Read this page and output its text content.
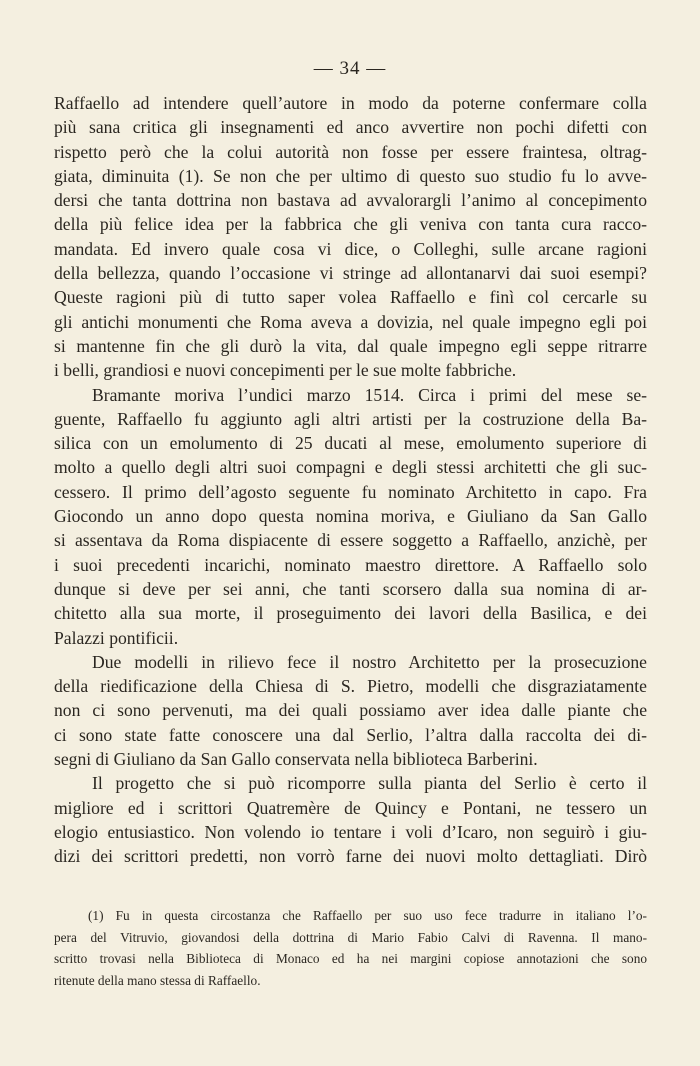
— 34 —
Raffaello ad intendere quell’autore in modo da poterne confermare colla
più sana critica gli insegnamenti ed anco avvertire non pochi difetti con
rispetto però che la colui autorità non fosse per essere fraintesa, oltrag-
giata, diminuita (1). Se non che per ultimo di questo suo studio fu lo avve-
dersi che tanta dottrina non bastava ad avvalorargli l’animo al concepimento
della più felice idea per la fabbrica che gli veniva con tanta cura racco-
mandata. Ed invero quale cosa vi dice, o Colleghi, sulle arcane ragioni
della bellezza, quando l’occasione vi stringe ad allontanarvi dai suoi esempi?
Queste ragioni più di tutto saper volea Raffaello e finì col cercarle su
gli antichi monumenti che Roma aveva a dovizia, nel quale impegno egli poi
si mantenne fin che gli durò la vita, dal quale impegno egli seppe ritrarre
i belli, grandiosi e nuovi concepimenti per le sue molte fabbriche.
Bramante moriva l’undici marzo 1514. Circa i primi del mese se-
guente, Raffaello fu aggiunto agli altri artisti per la costruzione della Ba-
silica con un emolumento di 25 ducati al mese, emolumento superiore di
molto a quello degli altri suoi compagni e degli stessi architetti che gli suc-
cessero. Il primo dell’agosto seguente fu nominato Architetto in capo. Fra
Giocondo un anno dopo questa nomina moriva, e Giuliano da San Gallo
si assentava da Roma dispiacente di essere soggetto a Raffaello, anzichè, per
i suoi precedenti incarichi, nominato maestro direttore. A Raffaello solo
dunque si deve per sei anni, che tanti scorsero dalla sua nomina di ar-
chitetto alla sua morte, il proseguimento dei lavori della Basilica, e dei
Palazzi pontificii.
Due modelli in rilievo fece il nostro Architetto per la prosecuzione
della riedificazione della Chiesa di S. Pietro, modelli che disgraziatamente
non ci sono pervenuti, ma dei quali possiamo aver idea dalle piante che
ci sono state fatte conoscere una dal Serlio, l’altra dalla raccolta dei di-
segni di Giuliano da San Gallo conservata nella biblioteca Barberini.
Il progetto che si può ricomporre sulla pianta del Serlio è certo il
migliore ed i scrittori Quatremère de Quincy e Pontani, ne tessero un
elogio entusiastico. Non volendo io tentare i voli d’Icaro, non seguirò i giu-
dizi dei scrittori predetti, non vorrò farne dei nuovi molto dettagliati. Dirò
(1) Fu in questa circostanza che Raffaello per suo uso fece tradurre in italiano l’o-
pera del Vitruvio, giovandosi della dottrina di Mario Fabio Calvi di Ravenna. Il mano-
scritto trovasi nella Biblioteca di Monaco ed ha nei margini copiose annotazioni che sono
ritenute della mano stessa di Raffaello.
